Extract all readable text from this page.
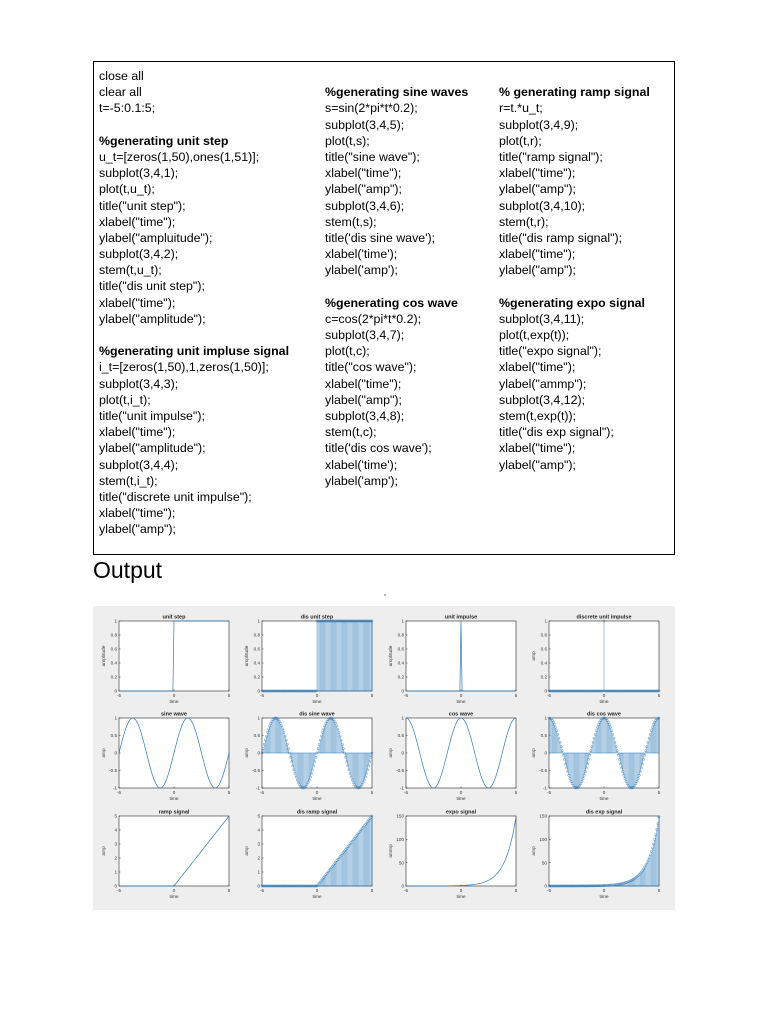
close all
clear all
t=-5:0.1:5;
%generating unit step
u_t=[zeros(1,50),ones(1,51)];
subplot(3,4,1);
plot(t,u_t);
title("unit step");
xlabel("time");
ylabel("ampluitude");
subplot(3,4,2);
stem(t,u_t);
title("dis unit step");
xlabel("time");
ylabel("amplitude");
%generating unit impluse signal
i_t=[zeros(1,50),1,zeros(1,50)];
subplot(3,4,3);
plot(t,i_t);
title("unit impulse");
xlabel("time");
ylabel("amplitude");
subplot(3,4,4);
stem(t,i_t);
title("discrete unit impulse");
xlabel("time");
ylabel("amp");
%generating sine waves
s=sin(2*pi*t*0.2);
subplot(3,4,5);
plot(t,s);
title("sine wave");
xlabel("time");
ylabel("amp");
subplot(3,4,6);
stem(t,s);
title('dis sine wave');
xlabel('time');
ylabel('amp');
%generating cos wave
c=cos(2*pi*t*0.2);
subplot(3,4,7);
plot(t,c);
title("cos wave");
xlabel("time");
ylabel("amp");
subplot(3,4,8);
stem(t,c);
title('dis cos wave');
xlabel('time');
ylabel('amp');
% generating ramp signal
r=t.*u_t;
subplot(3,4,9);
plot(t,r);
title("ramp signal");
xlabel("time");
ylabel("amp");
subplot(3,4,10);
stem(t,r);
title("dis ramp signal");
xlabel("time");
ylabel("amp");
%generating expo signal
subplot(3,4,11);
plot(t,exp(t));
title("expo signal");
xlabel("time");
ylabel("ammp");
subplot(3,4,12);
stem(t,exp(t));
title("dis exp signal");
xlabel("time");
ylabel("amp");
Output
unit step
-5	0	5
0
0.2
0.4
0.6
0.8
1
time
amplitude
dis unit step
-5	0	5
0
0.2
0.4
0.6
0.8
1
time
amplitude
unit impulse
-5	0	5
0
0.2
0.4
0.6
0.8
1
time
amplitude
discrete unit impulse
-5	0	5
0
0.2
0.4
0.6
0.8
1
time
amp
sine wave
-5	0	5
-1
-0.5
0
0.5
1
time
amp
dis sine wave
-5	0	5
-1
-0.5
0
0.5
1
time
amp
cos wave
-5	0	5
-1
-0.5
0
0.5
1
time
amp
dis cos wave
-5	0	5
-1
-0.5
0
0.5
1
time
amp
ramp signal
-5	0	5
0
1
2
3
4
5
time
amp
dis ramp signal
-5	0	5
0
1
2
3
4
5
time
amp
expo signal
-5	0	5
0
50
100
150
time
ammp
dis exp signal
-5	0	5
0
50
100
150
time
amp
